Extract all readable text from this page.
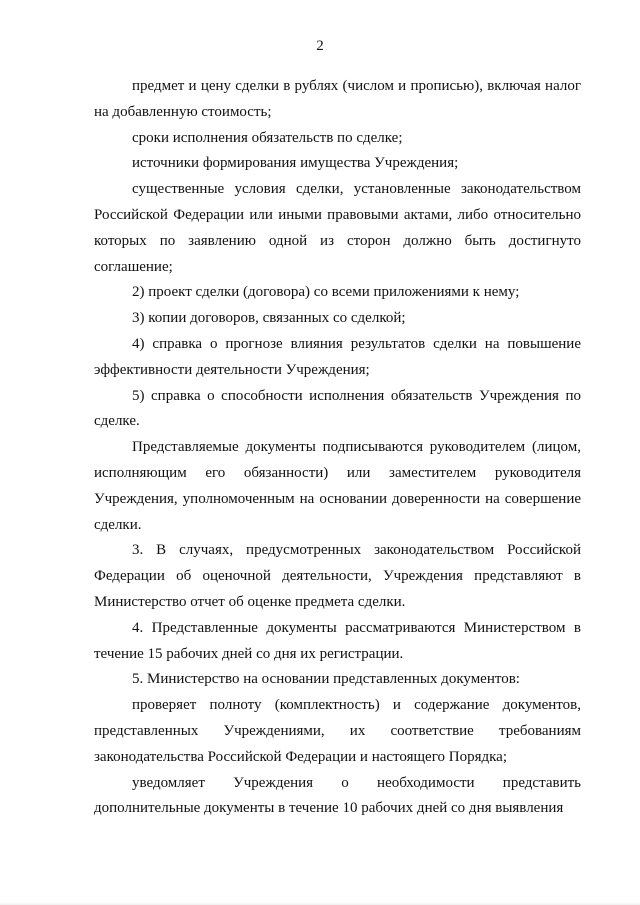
2

предмет и цену сделки в рублях (числом и прописью), включая налог на добавленную стоимость;

сроки исполнения обязательств по сделке;

источники формирования имущества Учреждения;

существенные условия сделки, установленные законодательством Российской Федерации или иными правовыми актами, либо относительно которых по заявлению одной из сторон должно быть достигнуто соглашение;

2) проект сделки (договора) со всеми приложениями к нему;

3) копии договоров, связанных со сделкой;

4) справка о прогнозе влияния результатов сделки на повышение эффективности деятельности Учреждения;

5) справка о способности исполнения обязательств Учреждения по сделке.

Представляемые документы подписываются руководителем (лицом, исполняющим его обязанности) или заместителем руководителя Учреждения, уполномоченным на основании доверенности на совершение сделки.

3. В случаях, предусмотренных законодательством Российской Федерации об оценочной деятельности, Учреждения представляют в Министерство отчет об оценке предмета сделки.

4. Представленные документы рассматриваются Министерством в течение 15 рабочих дней со дня их регистрации.

5. Министерство на основании представленных документов:

проверяет полноту (комплектность) и содержание документов, представленных Учреждениями, их соответствие требованиям законодательства Российской Федерации и настоящего Порядка;

уведомляет Учреждения о необходимости представить дополнительные документы в течение 10 рабочих дней со дня выявления
